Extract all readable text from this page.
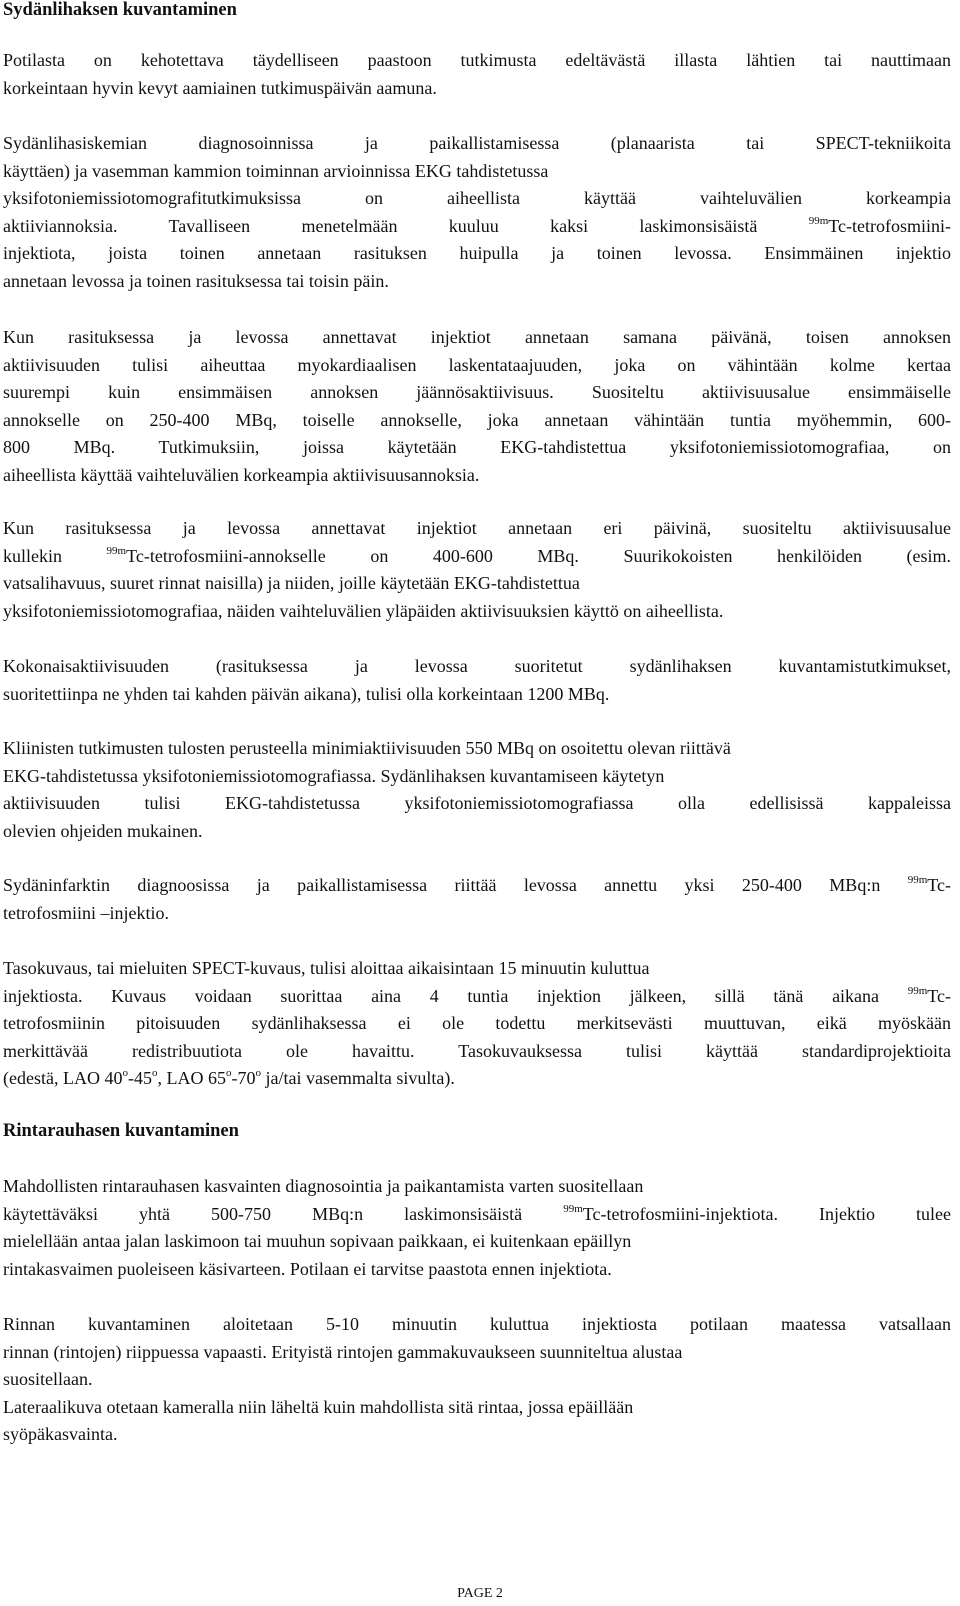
Sydänlihaksen kuvantaminen

Potilasta on kehotettava täydelliseen paastoon tutkimusta edeltävästä illasta lähtien tai nauttimaan
korkeintaan hyvin kevyt aamiainen tutkimuspäivän aamuna.

Sydänlihasiskemian diagnosoinnissa ja paikallistamisessa (planaarista tai SPECT-tekniikoita
käyttäen) ja vasemman kammion toiminnan arvioinnissa EKG tahdistetussa
yksifotoniemissiotomografitutkimuksissa on aiheellista käyttää vaihteluvälien korkeampia
aktiiviannoksia. Tavalliseen menetelmään kuuluu kaksi laskimonsisäistä	$^{99m}$Tc-tetrofosmiini-
injektiota, joista toinen annetaan rasituksen huipulla ja toinen levossa. Ensimmäinen injektio
annetaan levossa ja toinen rasituksessa tai toisin päin.

Kun rasituksessa ja levossa annettavat injektiot annetaan samana päivänä, toisen annoksen
aktiivisuuden tulisi aiheuttaa myokardiaalisen laskentataajuuden, joka on vähintään kolme kertaa
suurempi kuin ensimmäisen annoksen jäännösaktiivisuus. Suositeltu aktiivisuusalue ensimmäiselle
annokselle on 250-400 MBq, toiselle annokselle, joka annetaan vähintään tuntia myöhemmin, 600-
800 MBq. Tutkimuksiin, joissa käytetään EKG-tahdistettua yksifotoniemissiotomografiaa, on
aiheellista käyttää vaihteluvälien korkeampia aktiivisuusannoksia.

Kun rasituksessa ja levossa annettavat injektiot annetaan eri päivinä, suositeltu aktiivisuusalue
kullekin	$^{99m}$Tc-tetrofosmiini-annokselle on 400-600 MBq. Suurikokoisten henkilöiden (esim.
vatsalihavuus, suuret rinnat naisilla) ja niiden, joille käytetään EKG-tahdistettua
yksifotoniemissiotomografiaa, näiden vaihteluvälien yläpäiden aktiivisuuksien käyttö on aiheellista.

Kokonaisaktiivisuuden (rasituksessa ja levossa suoritetut sydänlihaksen kuvantamistutkimukset,
suoritettiinpa ne yhden tai kahden päivän aikana), tulisi olla korkeintaan 1200 MBq.

Kliinisten tutkimusten tulosten perusteella minimiaktiivisuuden 550 MBq on osoitettu olevan riittävä
EKG-tahdistetussa yksifotoniemissiotomografiassa. Sydänlihaksen kuvantamiseen käytetyn
aktiivisuuden tulisi EKG-tahdistetussa yksifotoniemissiotomografiassa olla edellisissä kappaleissa
olevien ohjeiden mukainen.

Sydäninfarktin diagnoosissa ja paikallistamisessa riittää levossa annettu yksi 250-400 MBq:n $^{99m}$Tc-
tetrofosmiini –injektio.

Tasokuvaus, tai mieluiten SPECT-kuvaus, tulisi aloittaa aikaisintaan 15 minuutin kuluttua
injektiosta. Kuvaus voidaan suorittaa aina 4 tuntia injektion jälkeen, sillä tänä aikana	$^{99m}$Tc-
tetrofosmiinin pitoisuuden sydänlihaksessa ei ole todettu merkitsevästi muuttuvan, eikä myöskään
merkittävää redistribuutiota ole havaittu. Tasokuvauksessa tulisi käyttää standardiprojektioita
(edestä, LAO 40$^o$-45$^o$, LAO 65$^o$-70$^o$ ja/tai vasemmalta sivulta).

Rintarauhasen kuvantaminen

Mahdollisten rintarauhasen kasvainten diagnosointia ja paikantamista varten suositellaan
käytettäväksi yhtä 500-750 MBq:n laskimonsisäistä	$^{99m}$Tc-tetrofosmiini-injektiota. Injektio tulee
mielellään antaa jalan laskimoon tai muuhun sopivaan paikkaan, ei kuitenkaan epäillyn
rintakasvaimen puoleiseen käsivarteen. Potilaan ei tarvitse paastota ennen injektiota.

Rinnan kuvantaminen aloitetaan 5-10 minuutin kuluttua injektiosta potilaan maatessa vatsallaan
rinnan (rintojen) riippuessa vapaasti. Erityistä rintojen gammakuvaukseen suunniteltua alustaa
suositellaan.
Lateraalikuva otetaan kameralla niin läheltä kuin mahdollista sitä rintaa, jossa epäillään
syöpäkasvainta.

PAGE 2
